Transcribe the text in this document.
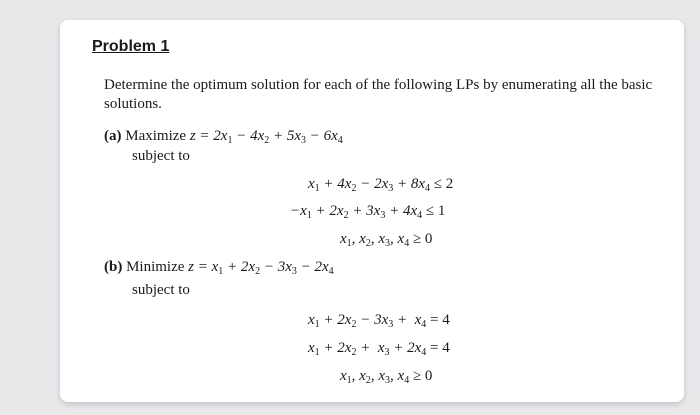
Problem 1
Determine the optimum solution for each of the following LPs by enumerating all the basic solutions.
(a) Maximize $z = 2x_1 - 4x_2 + 5x_3 - 6x_4$
subject to
$x_1 + 4x_2 - 2x_3 + 8x_4 \le 2$
$-x_1 + 2x_2 + 3x_3 + 4x_4 \le 1$
$x_1$, $x_2$, $x_3$, $x_4 \ge 0$
(b) Minimize $z = x_1 + 2x_2 - 3x_3 - 2x_4$
subject to
$x_1 + 2x_2 - 3x_3 + x_4 = 4$
$x_1 + 2x_2 + x_3 + 2x_4 = 4$
$x_1$, $x_2$, $x_3$, $x_4 \ge 0$
